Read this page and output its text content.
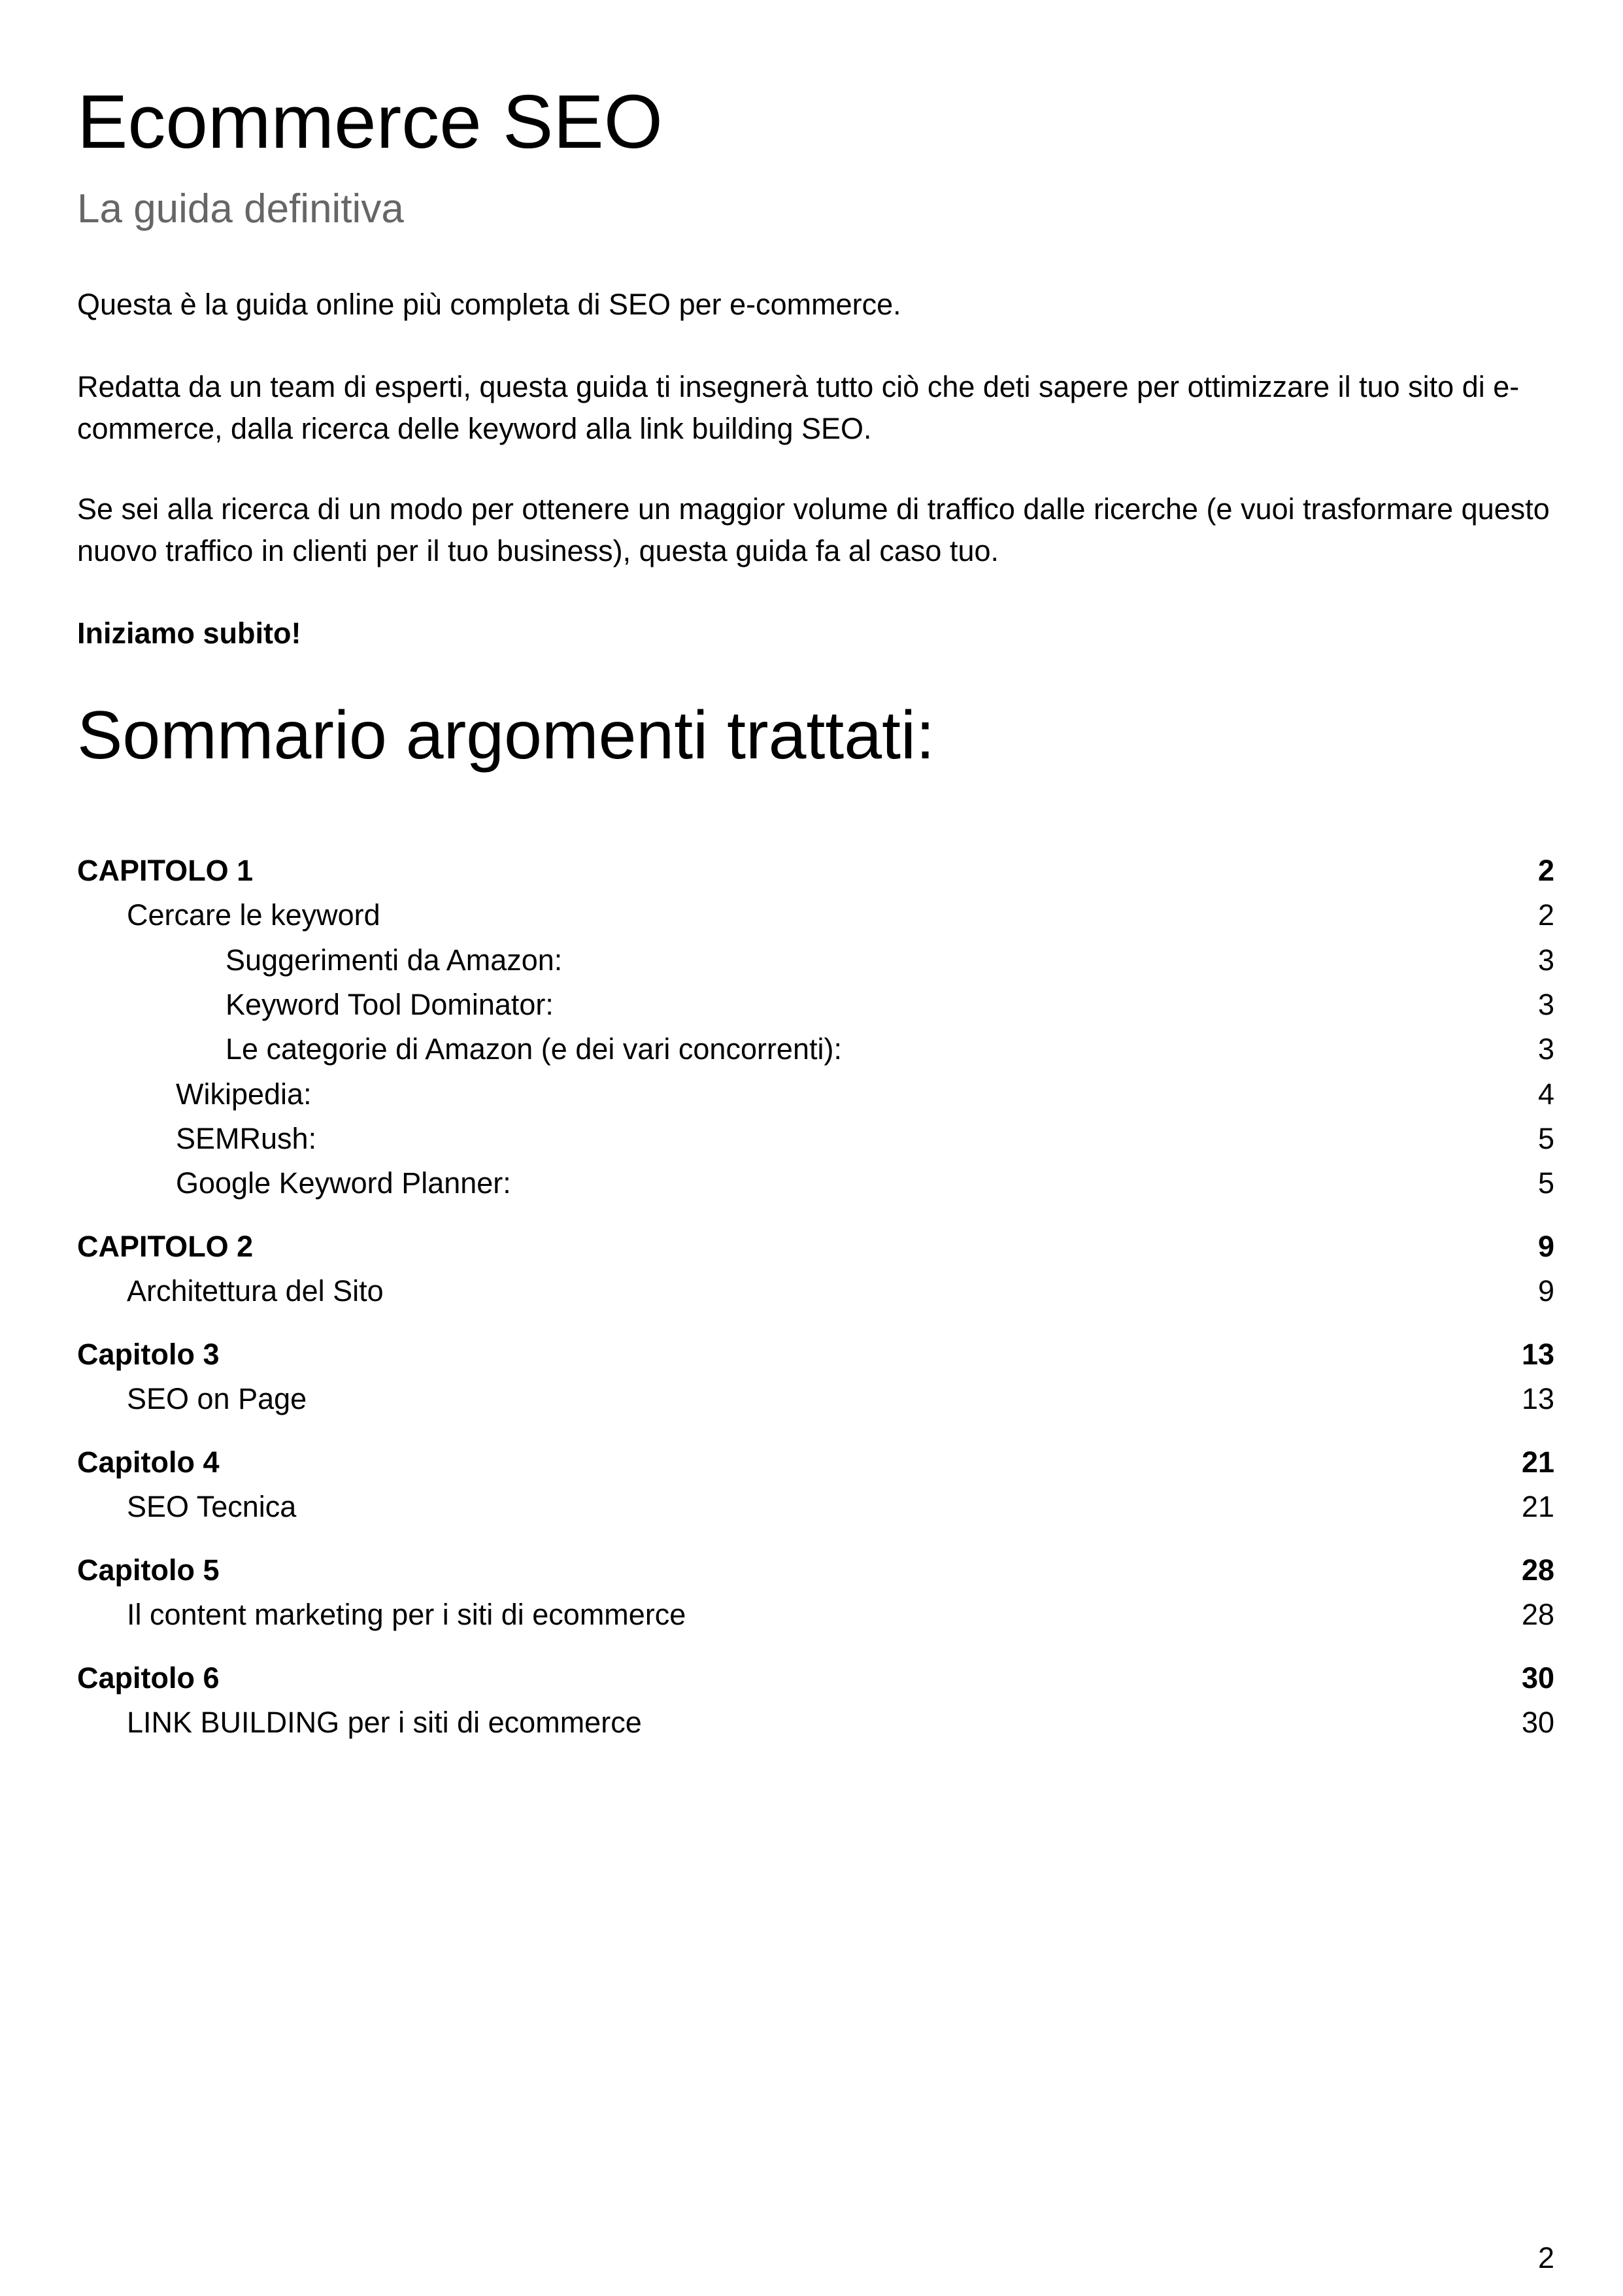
Ecommerce SEO
La guida definitiva

Questa è la guida online più completa di SEO per e-commerce.

Redatta da un team di esperti, questa guida ti insegnerà tutto ciò che deti sapere per ottimizzare il tuo sito di e-commerce, dalla ricerca delle keyword alla link building SEO.

Se sei alla ricerca di un modo per ottenere un maggior volume di traffico dalle ricerche (e vuoi trasformare questo nuovo traffico in clienti per il tuo business), questa guida fa al caso tuo.

Iniziamo subito!

Sommario argomenti trattati:
CAPITOLO 1	2
Cercare le keyword	2
Suggerimenti da Amazon:	3
Keyword Tool Dominator:	3
Le categorie di Amazon (e dei vari concorrenti):	3
Wikipedia:	4
SEMRush:	5
Google Keyword Planner:	5
CAPITOLO 2	9
Architettura del Sito	9
Capitolo 3	13
SEO on Page	13
Capitolo 4	21
SEO Tecnica	21
Capitolo 5	28
Il content marketing per i siti di ecommerce	28
Capitolo 6	30
LINK BUILDING per i siti di ecommerce	30
2
